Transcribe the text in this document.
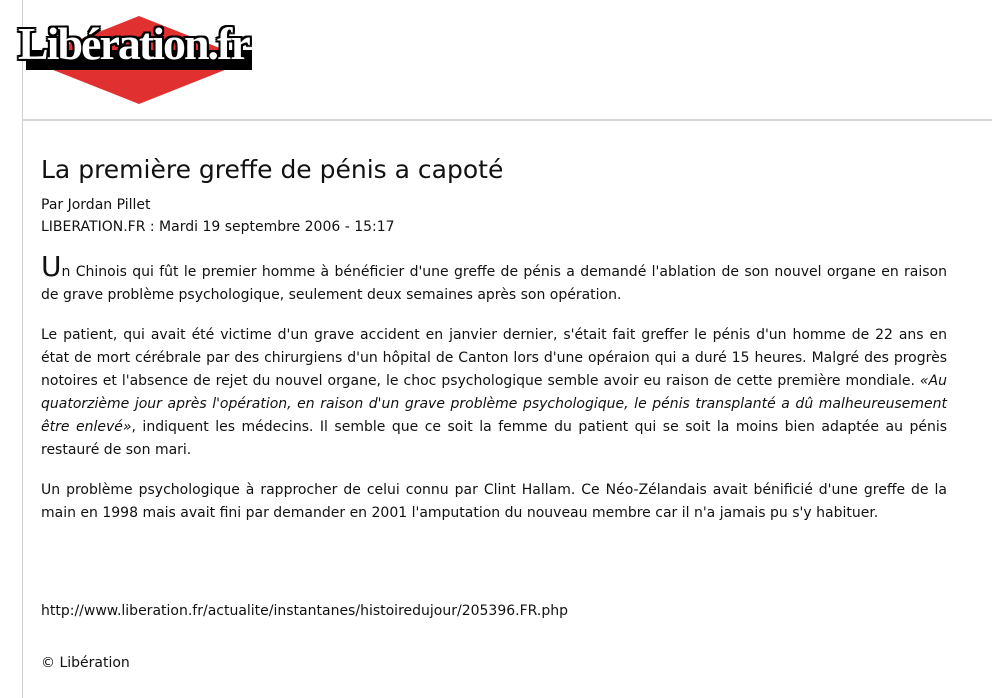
Libération.fr
La première greffe de pénis a capoté
Par Jordan Pillet
LIBERATION.FR : Mardi 19 septembre 2006 - 15:17
Un Chinois qui fût le premier homme à bénéficier d'une greffe de pénis a demandé l'ablation de son nouvel organe en raison de grave problème psychologique, seulement deux semaines après son opération.
Le patient, qui avait été victime d'un grave accident en janvier dernier, s'était fait greffer le pénis d'un homme de 22 ans en état de mort cérébrale par des chirurgiens d'un hôpital de Canton lors d'une opéraion qui a duré 15 heures. Malgré des progrès notoires et l'absence de rejet du nouvel organe, le choc psychologique semble avoir eu raison de cette première mondiale. «Au quatorzième jour après l'opération, en raison d'un grave problème psychologique, le pénis transplanté a dû malheureusement être enlevé», indiquent les médecins. Il semble que ce soit la femme du patient qui se soit la moins bien adaptée au pénis restauré de son mari.
Un problème psychologique à rapprocher de celui connu par Clint Hallam. Ce Néo-Zélandais avait bénificié d'une greffe de la main en 1998 mais avait fini par demander en 2001 l'amputation du nouveau membre car il n'a jamais pu s'y habituer.
http://www.liberation.fr/actualite/instantanes/histoiredujour/205396.FR.php
© Libération
